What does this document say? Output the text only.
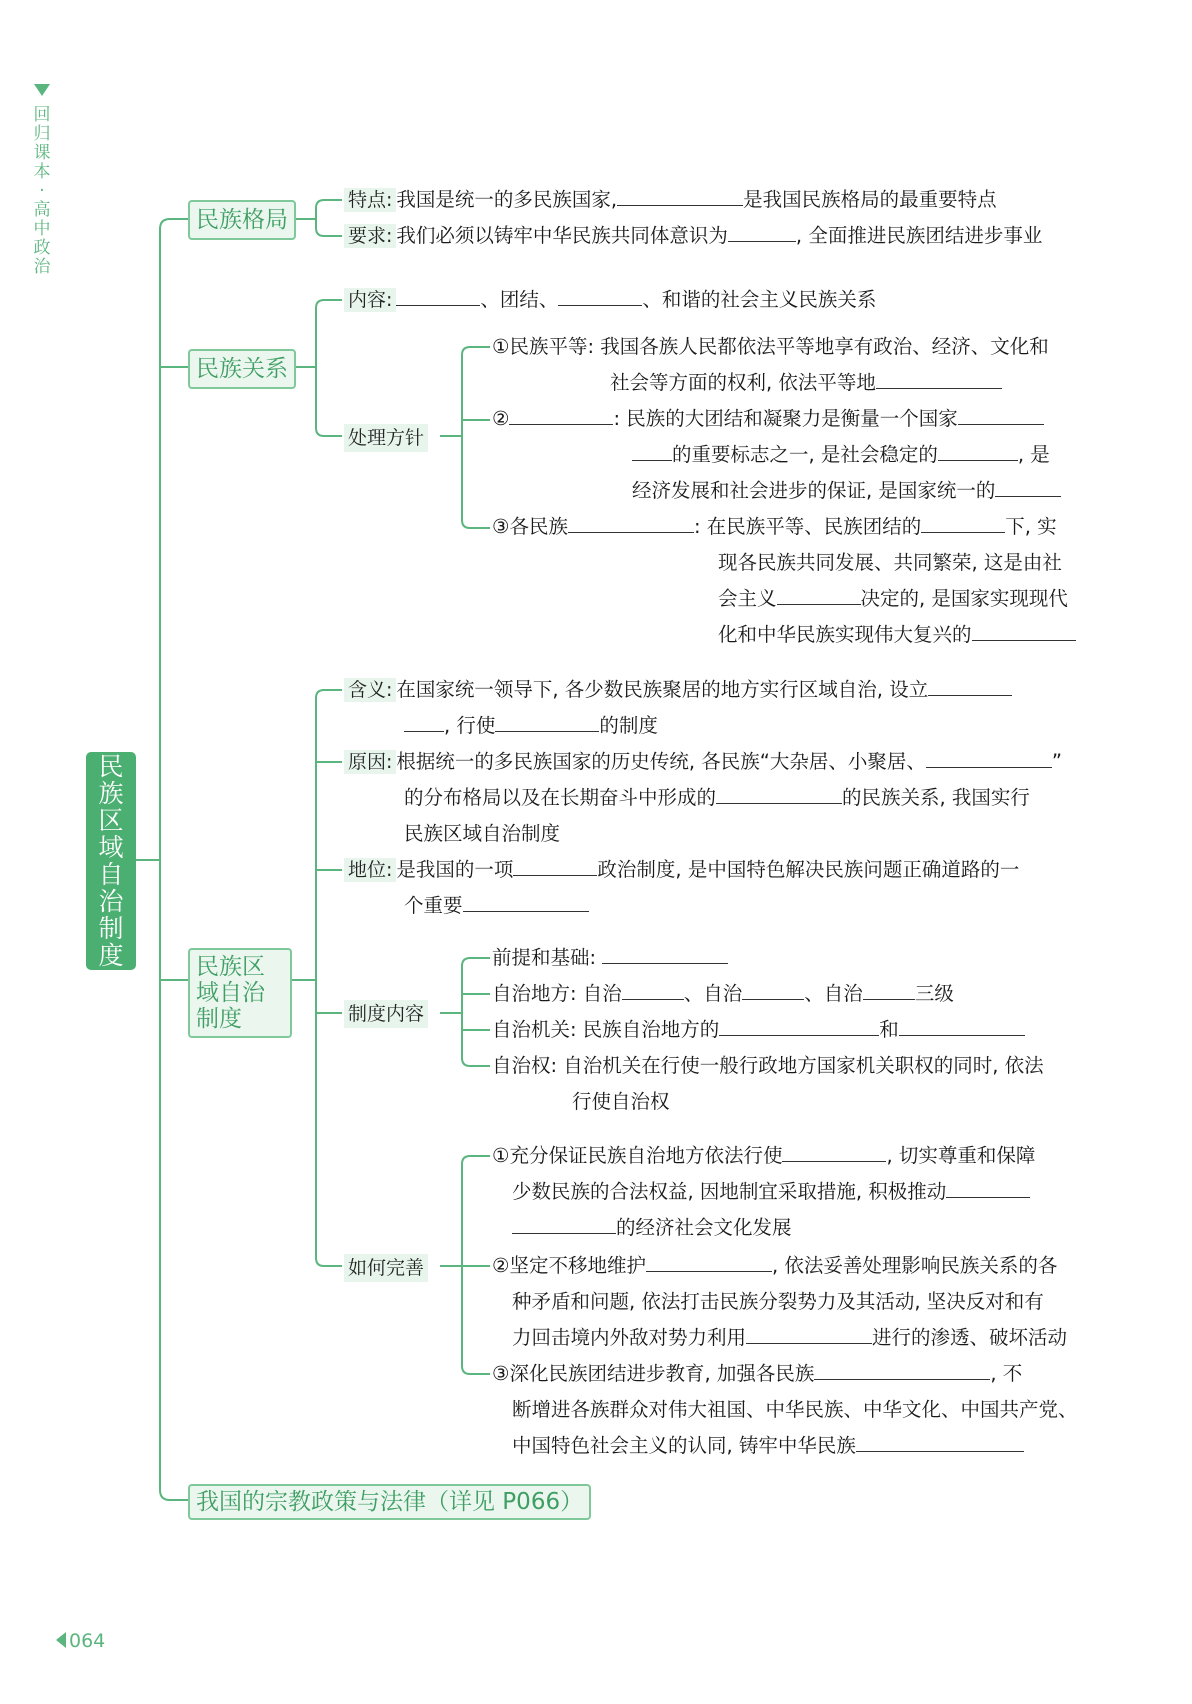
回归课本 · 高中政治
民族区域自治制度
民族格局
特点: 我国是统一的多民族国家,	是我国民族格局的最重要特点
要求: 我们必须以铸牢中华民族共同体意识为	, 全面推进民族团结进步事业
民族关系
内容:	、团结、	、和谐的社会主义民族关系
处理方针
①民族平等: 我国各族人民都依法平等地享有政治、经济、文化和
社会等方面的权利, 依法平等地
②	: 民族的大团结和凝聚力是衡量一个国家
的重要标志之一, 是社会稳定的	, 是
经济发展和社会进步的保证, 是国家统一的
③各民族	: 在民族平等、民族团结的	下, 实
现各民族共同发展、共同繁荣, 这是由社
会主义	决定的, 是国家实现现代
化和中华民族实现伟大复兴的
民族区域自治制度
含义: 在国家统一领导下, 各少数民族聚居的地方实行区域自治, 设立
, 行使	的制度
原因: 根据统一的多民族国家的历史传统, 各民族“大杂居、小聚居、	”
的分布格局以及在长期奋斗中形成的	的民族关系, 我国实行
民族区域自治制度
地位: 是我国的一项	政治制度, 是中国特色解决民族问题正确道路的一
个重要
制度内容
前提和基础:
自治地方: 自治	、自治	、自治	三级
自治机关: 民族自治地方的	和
自治权: 自治机关在行使一般行政地方国家机关职权的同时, 依法
行使自治权
如何完善
①充分保证民族自治地方依法行使	, 切实尊重和保障
少数民族的合法权益, 因地制宜采取措施, 积极推动
的经济社会文化发展
②坚定不移地维护	, 依法妥善处理影响民族关系的各
种矛盾和问题, 依法打击民族分裂势力及其活动, 坚决反对和有
力回击境内外敌对势力利用	进行的渗透、破坏活动
③深化民族团结进步教育, 加强各民族	, 不
断增进各族群众对伟大祖国、中华民族、中华文化、中国共产党、
中国特色社会主义的认同, 铸牢中华民族
我国的宗教政策与法律（详见 P066）
064
